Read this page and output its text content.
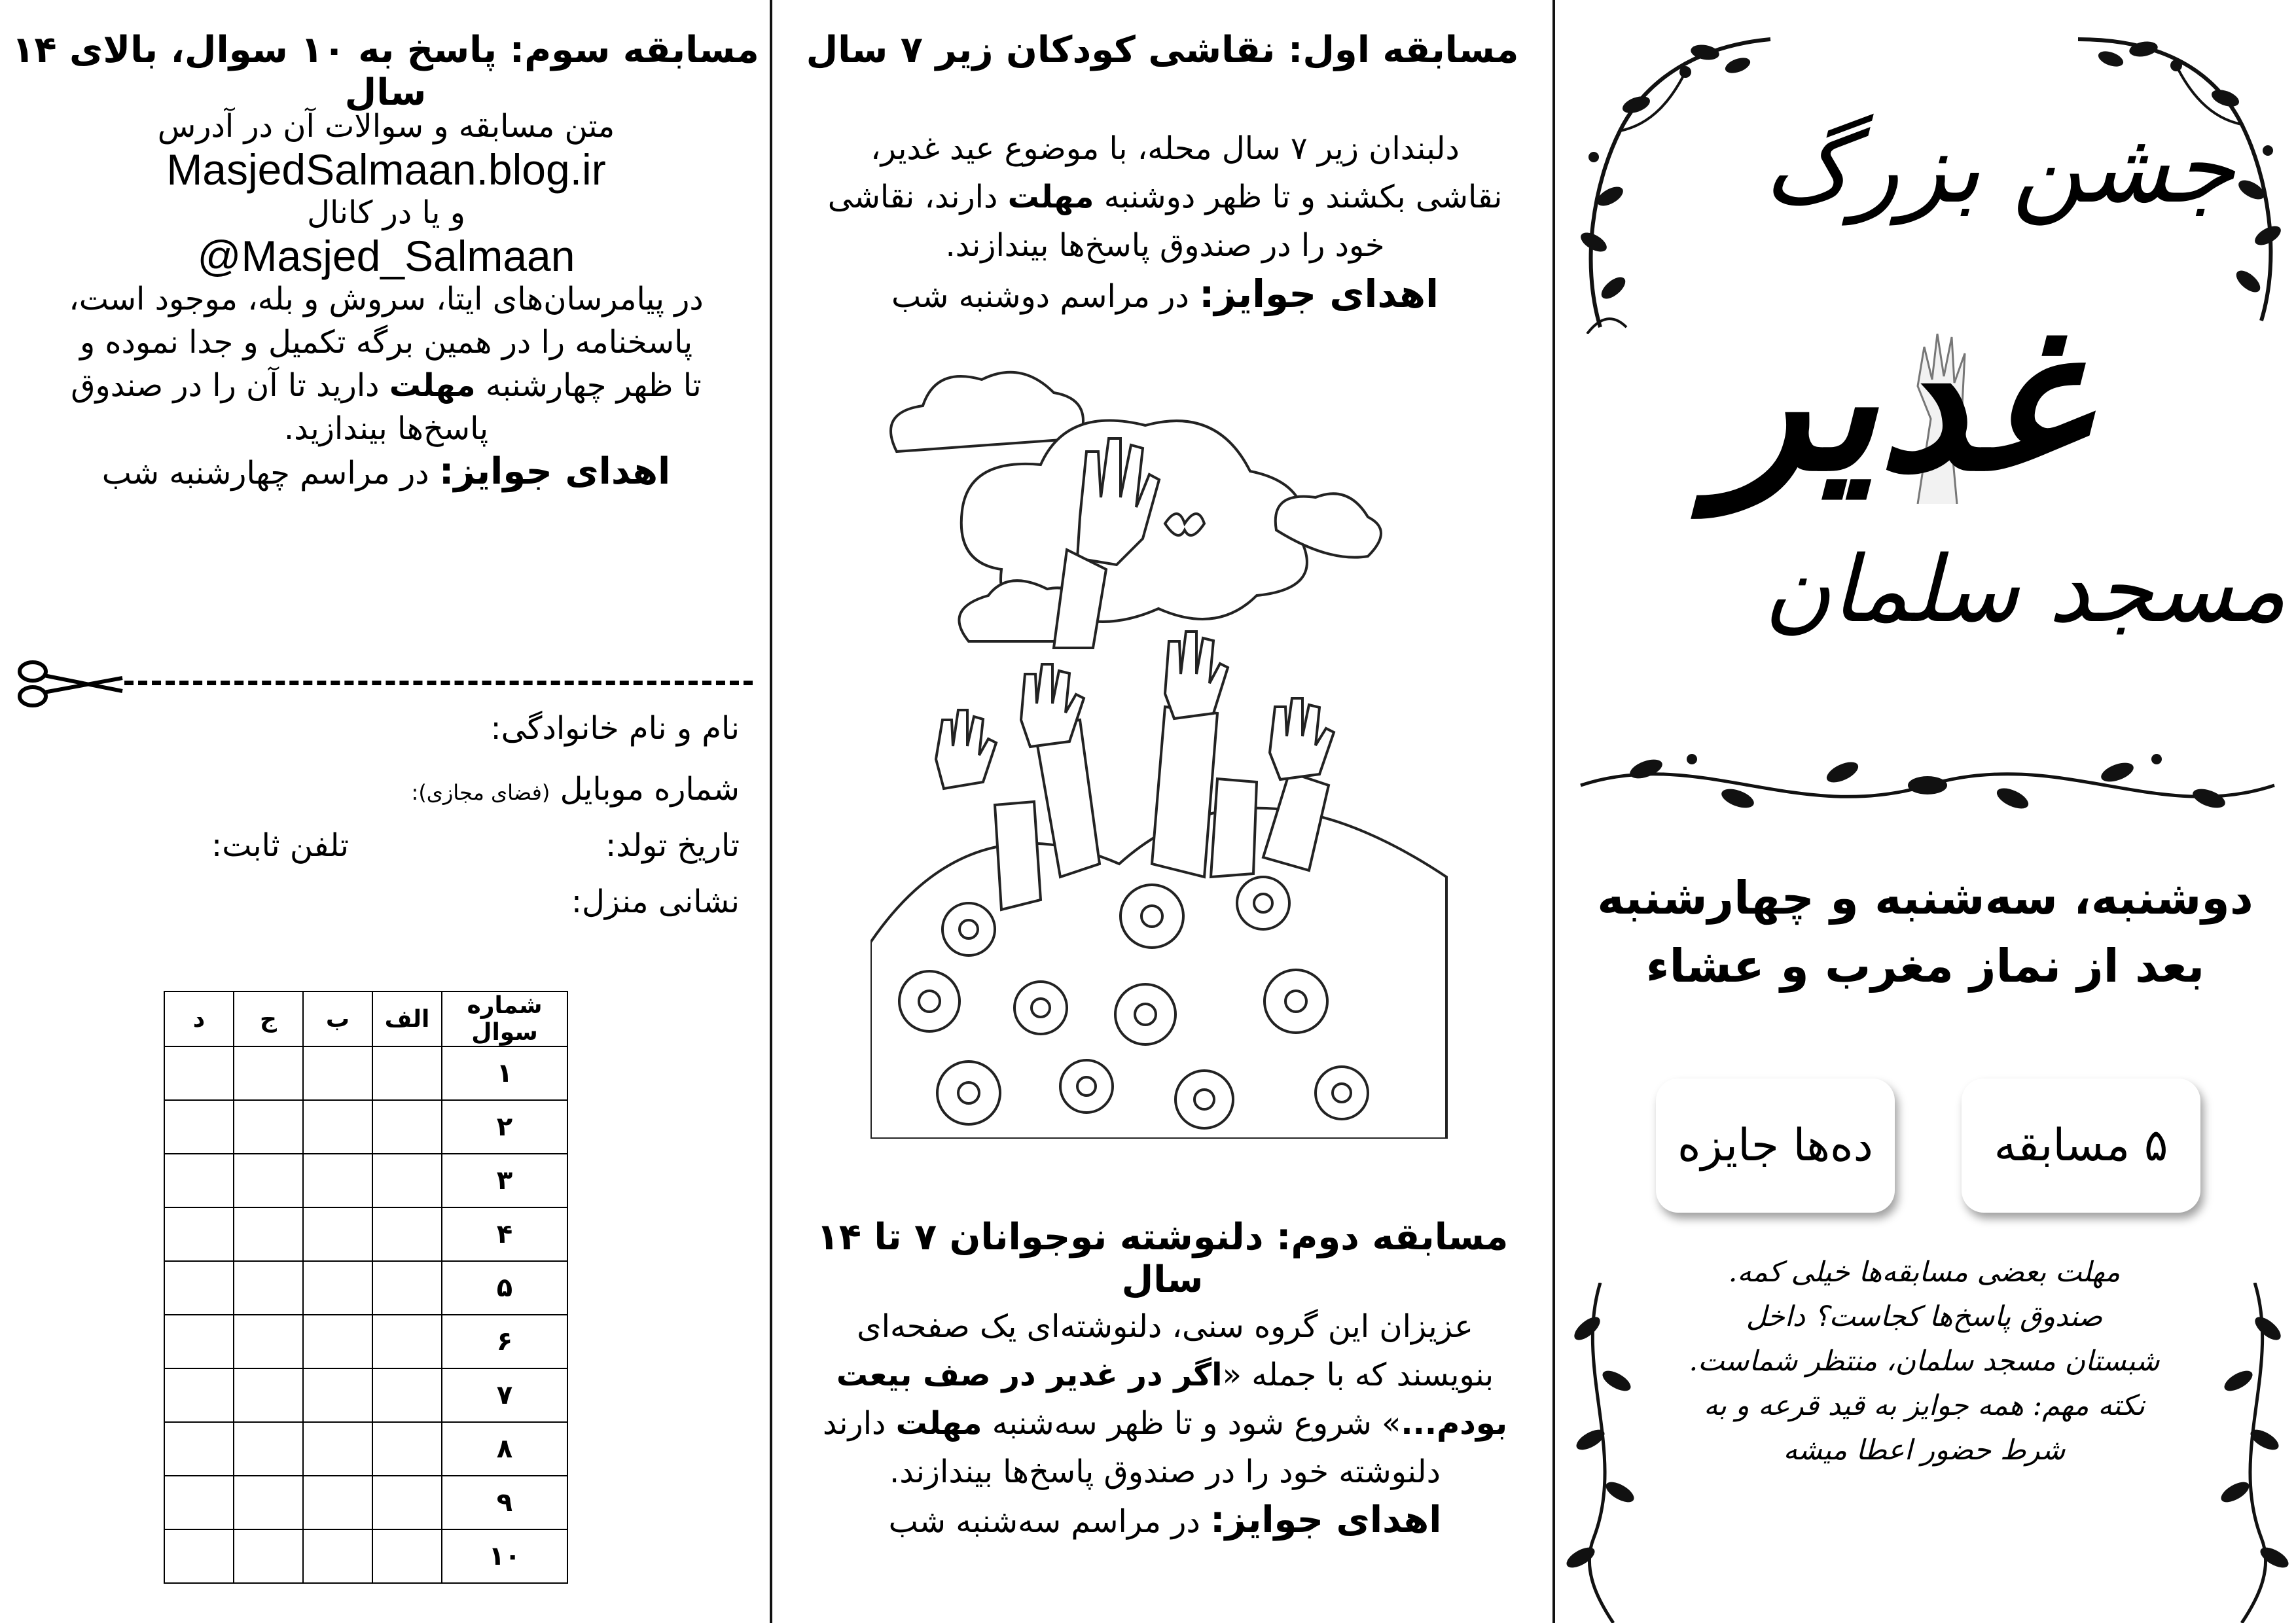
جشن بزرگ
غدیر
مسجد سلمان
دوشنبه، سه‌شنبه و چهارشنبه
بعد از نماز مغرب و عشاء
۵ مسابقه
ده‌ها جایزه
مهلت بعضی مسابقه‌ها خیلی کمه.
صندوق پاسخ‌ها کجاست؟ داخل
شبستان مسجد سلمان، منتظر شماست.
نکته مهم: همه جوایز به قید قرعه و به
شرط حضور اعطا میشه
مسابقه اول: نقاشی کودکان زیر ۷ سال
دلبندان زیر ۷ سال محله، با موضوع عید غدیر،
نقاشی بکشند و تا ظهر دوشنبه مهلت دارند، نقاشی
خود را در صندوق پاسخ‌ها بیندازند.
اهدای جوایز: در مراسم دوشنبه شب
مسابقه دوم: دلنوشته نوجوانان ۷ تا ۱۴ سال
عزیزان این گروه سنی، دلنوشته‌ای یک صفحه‌ای
بنویسند که با جمله «اگر در غدیر در صف بیعت
بودم...» شروع شود و تا ظهر سه‌شنبه مهلت دارند
دلنوشته خود را در صندوق پاسخ‌ها بیندازند.
اهدای جوایز: در مراسم سه‌شنبه شب
مسابقه سوم: پاسخ به ۱۰ سوال، بالای ۱۴ سال
متن مسابقه و سوالات آن در آدرس
MasjedSalmaan.blog.ir
و یا در کانال
@Masjed_Salmaan
در پیامرسان‌های ایتا، سروش و بله، موجود است،
پاسخنامه را در همین برگه تکمیل و جدا نموده و
تا ظهر چهارشنبه مهلت دارید تا آن را در صندوق
پاسخ‌ها بیندازید.
اهدای جوایز: در مراسم چهارشنبه شب
نام و نام خانوادگی:
شماره موبایل (فضای مجازی):
تاریخ تولد:
تلفن ثابت:
نشانی منزل:
شماره سوال	الف	ب	ج	د
۱				
۲				
۳				
۴				
۵				
۶				
۷				
۸				
۹				
۱۰				
